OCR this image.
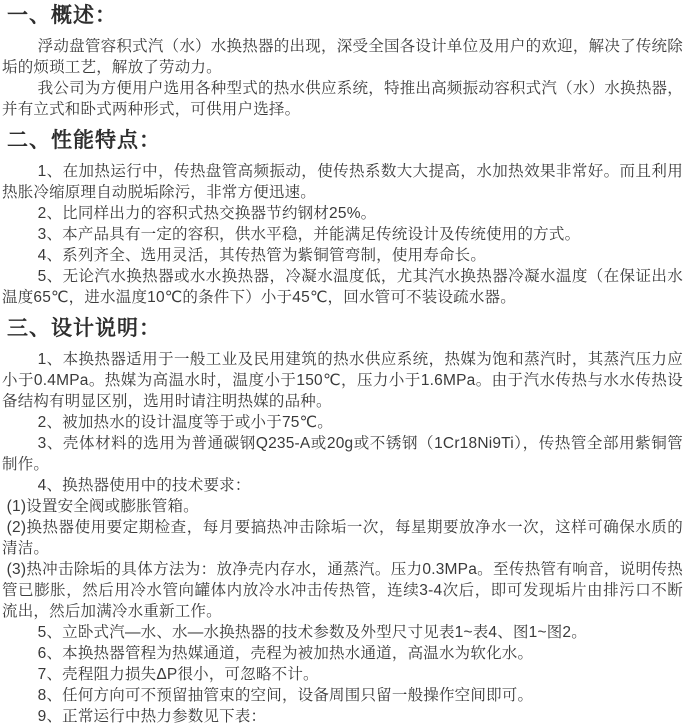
一、概述：

浮动盘管容积式汽（水）水换热器的出现，深受全国各设计单位及用户的欢迎，解决了传统除垢的烦琐工艺，解放了劳动力。

我公司为方便用户选用各种型式的热水供应系统，特推出高频振动容积式汽（水）水换热器，并有立式和卧式两种形式，可供用户选择。

二、性能特点：

1、在加热运行中，传热盘管高频振动，使传热系数大大提高，水加热效果非常好。而且利用热胀冷缩原理自动脱垢除污，非常方便迅速。

2、比同样出力的容积式热交换器节约钢材25%。

3、本产品具有一定的容积，供水平稳，并能满足传统设计及传统使用的方式。

4、系列齐全、选用灵活，其传热管为紫铜管弯制，使用寿命长。

5、无论汽水换热器或水水换热器，冷凝水温度低，尤其汽水换热器冷凝水温度（在保证出水温度65℃，进水温度10℃的条件下）小于45℃，回水管可不装设疏水器。

三、设计说明：

1、本换热器适用于一般工业及民用建筑的热水供应系统，热媒为饱和蒸汽时，其蒸汽压力应小于0.4MPa。热媒为高温水时，温度小于150℃，压力小于1.6MPa。由于汽水传热与水水传热设备结构有明显区别，选用时请注明热媒的品种。

2、被加热水的设计温度等于或小于75℃。

3、壳体材料的选用为普通碳钢Q235-A或20g或不锈钢（1Cr18Ni9Ti），传热管全部用紫铜管制作。

4、换热器使用中的技术要求：

(1)设置安全阀或膨胀管箱。

(2)换热器使用要定期检查，每月要搞热冲击除垢一次，每星期要放净水一次，这样可确保水质的清洁。

(3)热冲击除垢的具体方法为：放净壳内存水，通蒸汽。压力0.3MPa。至传热管有响音，说明传热管已膨胀，然后用冷水管向罐体内放冷水冲击传热管，连续3-4次后，即可发现垢片由排污口不断流出，然后加满冷水重新工作。

5、立卧式汽—水、水—水换热器的技术参数及外型尺寸见表1~表4、图1~图2。

6、本换热器管程为热媒通道，壳程为被加热水通道，高温水为软化水。

7、壳程阻力损失ΔP很小，可忽略不计。

8、任何方向可不预留抽管束的空间，设备周围只留一般操作空间即可。

9、正常运行中热力参数见下表：
